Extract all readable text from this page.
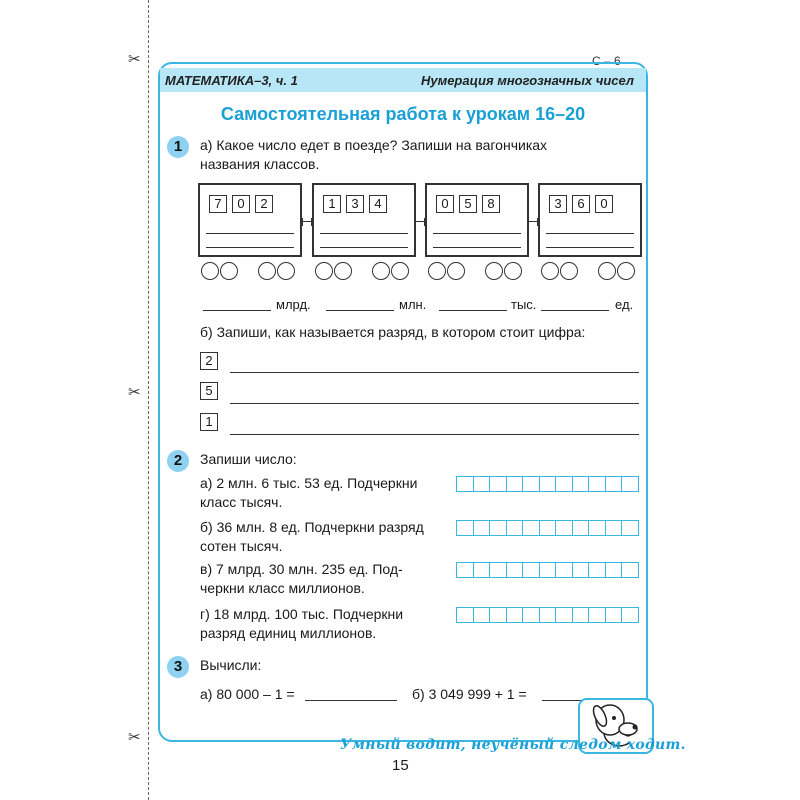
✂
✂
✂
С – 6
МАТЕМАТИКА–3, ч. 1	Нумерация многозначных чисел
Самостоятельная работа к урокам 16–20
1	а) Какое число едет в поезде? Запиши на вагончиках
названия классов.
7	0	2	1	3	4	0	5	8	3	6	0
млрд.	млн.	тыс.	ед.
б) Запиши, как называется разряд, в котором стоит цифра:
2
5
1
2	Запиши число:
а) 2 млн. 6 тыс. 53 ед. Подчеркни
класс тысяч.
б) 36 млн. 8 ед. Подчеркни разряд
сотен тысяч.
в) 7 млрд. 30 млн. 235 ед. Под-
черкни класс миллионов.
г) 18 млрд. 100 тыс. Подчеркни
разряд единиц миллионов.
3	Вычисли:
а) 80 000 – 1 =	б) 3 049 999 + 1 =
Умный водит, неучёный следом ходит.
15
